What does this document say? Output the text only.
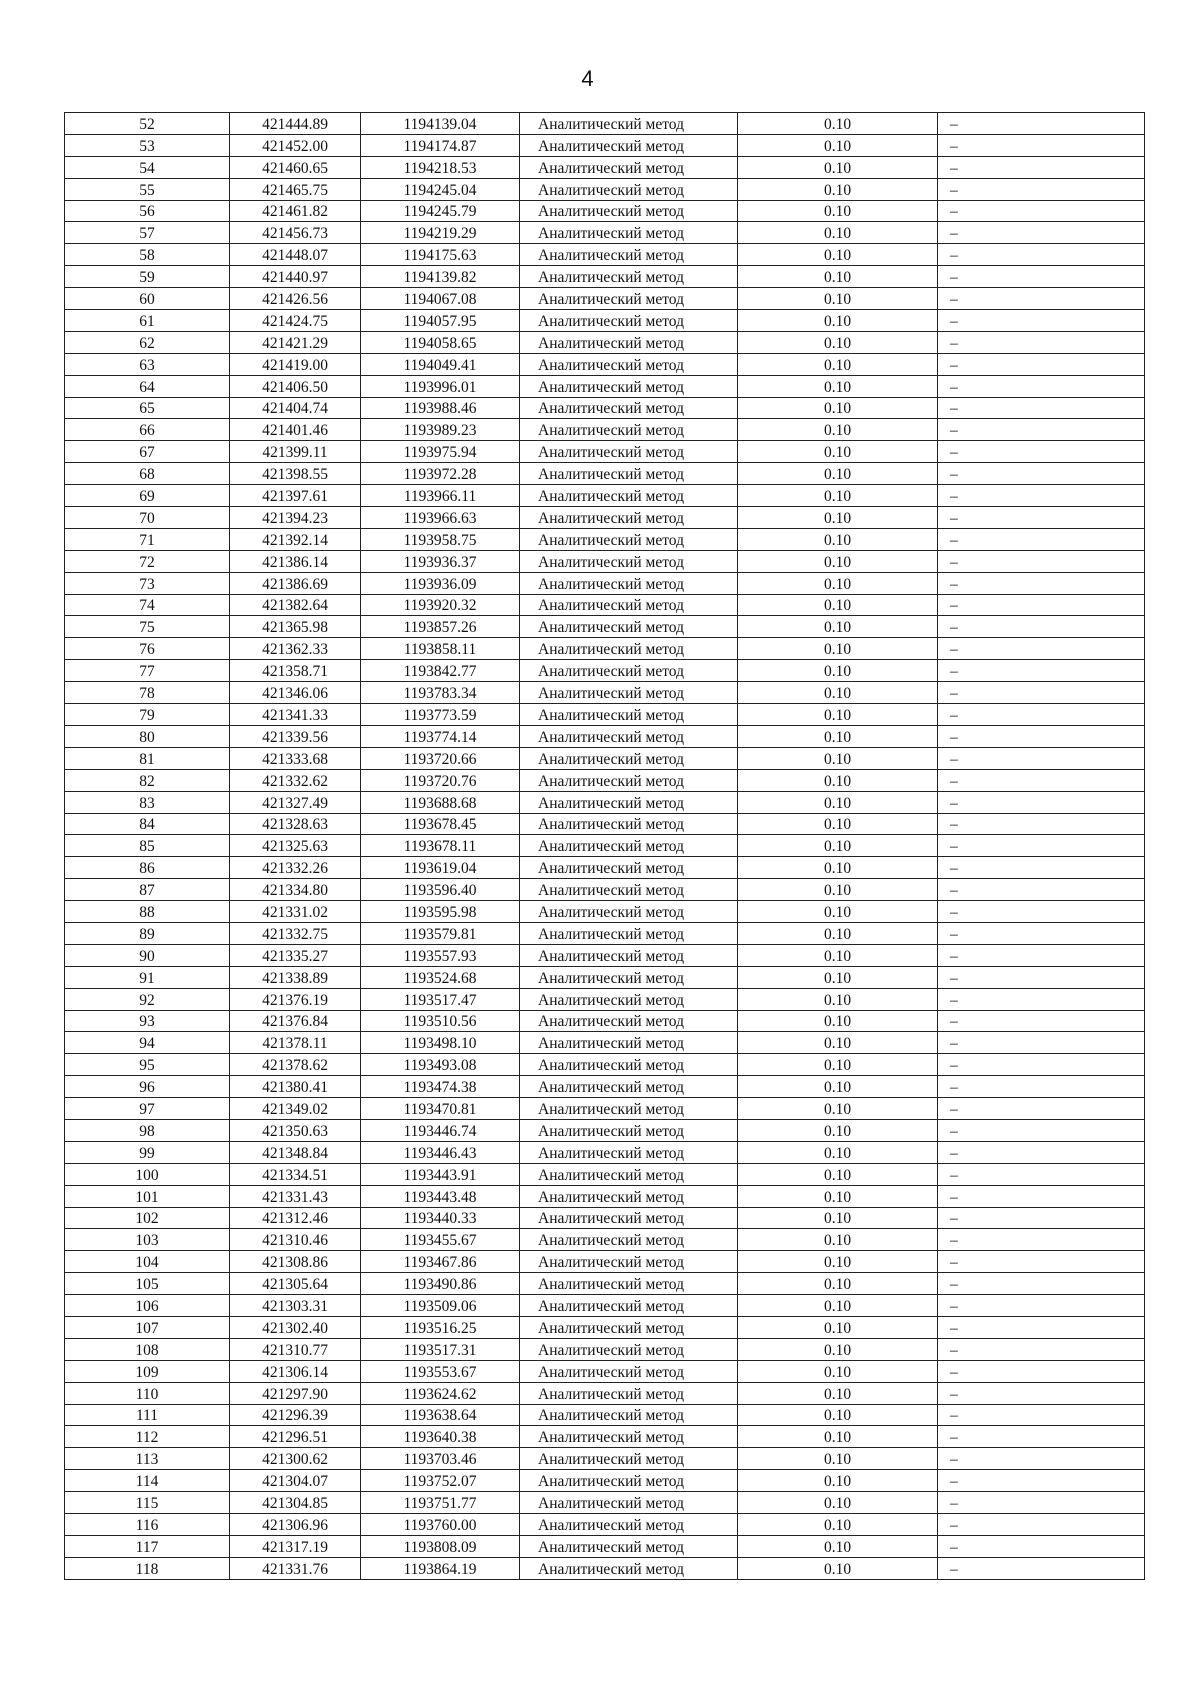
4
52	421444.89	1194139.04	Аналитический метод	0.10	–
53	421452.00	1194174.87	Аналитический метод	0.10	–
54	421460.65	1194218.53	Аналитический метод	0.10	–
55	421465.75	1194245.04	Аналитический метод	0.10	–
56	421461.82	1194245.79	Аналитический метод	0.10	–
57	421456.73	1194219.29	Аналитический метод	0.10	–
58	421448.07	1194175.63	Аналитический метод	0.10	–
59	421440.97	1194139.82	Аналитический метод	0.10	–
60	421426.56	1194067.08	Аналитический метод	0.10	–
61	421424.75	1194057.95	Аналитический метод	0.10	–
62	421421.29	1194058.65	Аналитический метод	0.10	–
63	421419.00	1194049.41	Аналитический метод	0.10	–
64	421406.50	1193996.01	Аналитический метод	0.10	–
65	421404.74	1193988.46	Аналитический метод	0.10	–
66	421401.46	1193989.23	Аналитический метод	0.10	–
67	421399.11	1193975.94	Аналитический метод	0.10	–
68	421398.55	1193972.28	Аналитический метод	0.10	–
69	421397.61	1193966.11	Аналитический метод	0.10	–
70	421394.23	1193966.63	Аналитический метод	0.10	–
71	421392.14	1193958.75	Аналитический метод	0.10	–
72	421386.14	1193936.37	Аналитический метод	0.10	–
73	421386.69	1193936.09	Аналитический метод	0.10	–
74	421382.64	1193920.32	Аналитический метод	0.10	–
75	421365.98	1193857.26	Аналитический метод	0.10	–
76	421362.33	1193858.11	Аналитический метод	0.10	–
77	421358.71	1193842.77	Аналитический метод	0.10	–
78	421346.06	1193783.34	Аналитический метод	0.10	–
79	421341.33	1193773.59	Аналитический метод	0.10	–
80	421339.56	1193774.14	Аналитический метод	0.10	–
81	421333.68	1193720.66	Аналитический метод	0.10	–
82	421332.62	1193720.76	Аналитический метод	0.10	–
83	421327.49	1193688.68	Аналитический метод	0.10	–
84	421328.63	1193678.45	Аналитический метод	0.10	–
85	421325.63	1193678.11	Аналитический метод	0.10	–
86	421332.26	1193619.04	Аналитический метод	0.10	–
87	421334.80	1193596.40	Аналитический метод	0.10	–
88	421331.02	1193595.98	Аналитический метод	0.10	–
89	421332.75	1193579.81	Аналитический метод	0.10	–
90	421335.27	1193557.93	Аналитический метод	0.10	–
91	421338.89	1193524.68	Аналитический метод	0.10	–
92	421376.19	1193517.47	Аналитический метод	0.10	–
93	421376.84	1193510.56	Аналитический метод	0.10	–
94	421378.11	1193498.10	Аналитический метод	0.10	–
95	421378.62	1193493.08	Аналитический метод	0.10	–
96	421380.41	1193474.38	Аналитический метод	0.10	–
97	421349.02	1193470.81	Аналитический метод	0.10	–
98	421350.63	1193446.74	Аналитический метод	0.10	–
99	421348.84	1193446.43	Аналитический метод	0.10	–
100	421334.51	1193443.91	Аналитический метод	0.10	–
101	421331.43	1193443.48	Аналитический метод	0.10	–
102	421312.46	1193440.33	Аналитический метод	0.10	–
103	421310.46	1193455.67	Аналитический метод	0.10	–
104	421308.86	1193467.86	Аналитический метод	0.10	–
105	421305.64	1193490.86	Аналитический метод	0.10	–
106	421303.31	1193509.06	Аналитический метод	0.10	–
107	421302.40	1193516.25	Аналитический метод	0.10	–
108	421310.77	1193517.31	Аналитический метод	0.10	–
109	421306.14	1193553.67	Аналитический метод	0.10	–
110	421297.90	1193624.62	Аналитический метод	0.10	–
111	421296.39	1193638.64	Аналитический метод	0.10	–
112	421296.51	1193640.38	Аналитический метод	0.10	–
113	421300.62	1193703.46	Аналитический метод	0.10	–
114	421304.07	1193752.07	Аналитический метод	0.10	–
115	421304.85	1193751.77	Аналитический метод	0.10	–
116	421306.96	1193760.00	Аналитический метод	0.10	–
117	421317.19	1193808.09	Аналитический метод	0.10	–
118	421331.76	1193864.19	Аналитический метод	0.10	–
